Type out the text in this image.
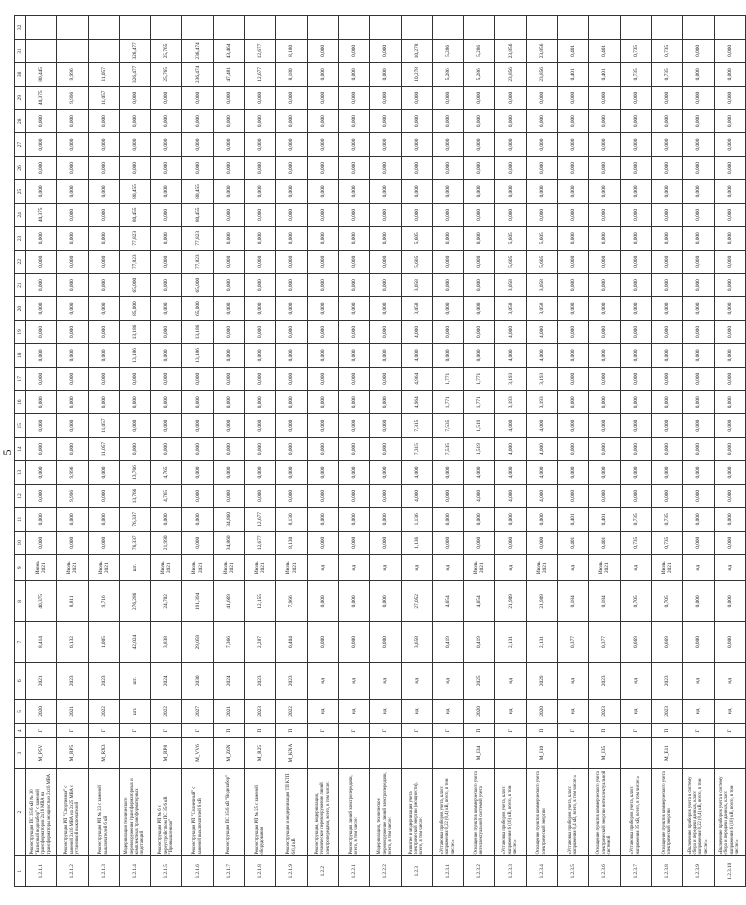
5
1	2	3	4	5	6	7	8	9	10	11	12	13	14	15	16	17	18	19	20	21	22	23	24	25	26	27	28	29	30	31	32
1.2.1.1	Реконструкция ПС 35/6 кВ № 30 "Базисный водозабор" с заменой трансформаторов 2х16 МВА на трансформаторы мощностью 2х16 МВА	M_P5V	Г	2020	2021	8,414	40,375	Июнь 2021	0,000	0,000	0,000	0,000	0,000	0,000	0,000	0,000	0,000	0,000	0,000	0,000	0,000	0,000	40,375	0,000	0,000	0,000	0,000	40,375	80,445		
1.2.1.2	Реконструкция РП "Спортивная" с заменой 2х16 МВА на 2х25 МВА с установкой выключателей	M_RP5	Г	2021	2023	0,132	8,811	Июль 2021	0,000	0,000	9,996	9,996	0,000	0,000	0,000	0,000	0,000	0,000	0,000	0,000	0,000	0,000	0,000	0,000	0,000	0,000	0,000	9,996	9,996		
1.2.1.3	Реконструкция РП № 23 с заменой выключателей 6 кВ	M_RX3	Г	2022	2023	1,005	9,716	Июль 2021	0,000	0,000	0,000	0,000	11,057	11,057	0,000	0,000	0,000	0,000	0,000	0,000	0,000	0,000	0,000	0,000	0,000	0,000	0,000	11,057	11,057		
1.2.1.4	Модернизация технического перевооружения трансформаторных и комплектных трансформаторных подстанций		Г	шт.	шт.	42,024	276,286	шт.	76,337	76,337	13,766	13,766	0,000	0,000	0,000	0,000	13,186	13,186	85,000	65,000	77,823	77,823	80,455	80,455	0,000	0,000	0,000	0,000	326,477	326,477	
1.2.1.5	Реконструкция РП № 6 с переустройством ПС 35/6 кВ "Промышленная"	M_RP8	Г	2022	2024	3,838	24,702	Июль 2021	21,990	0,000	4,765	4,765	0,000	0,000	0,000	0,000	0,000	0,000	0,000	0,000	0,000	0,000	0,000	0,000	0,000	0,000	0,000	0,000	25,765	25,765	
1.2.1.6	Реконструкция РП "Солнечный" с заменой выключателей 6 кВ	M_VV6	Г	2027	2030	29,059	191,394	Июль 2021	0,000	0,000	0,000	0,000	0,000	0,000	0,000	0,000	13,186	13,186	65,000	65,000	77,823	77,823	80,455	80,455	0,000	0,000	0,000	0,000	236,474	236,474	
1.2.1.7	Реконструкция ПС 35/6 кВ "Водозабор"	M_Z6N	П	2021	2024	7,366	41,669	Июль 2021	34,860	34,860	0,000	0,000	0,000	0,000	0,000	0,000	0,000	0,000	0,000	0,000	0,000	0,000	0,000	0,000	0,000	0,000	0,000	0,000	47,481	43,464	
1.2.1.8	Реконструкция РП № 25 с заменой оборудования	M_R25	П	2023	2023	2,287	12,155	Июль 2021	12,677	12,677	0,000	0,000	0,000	0,000	0,000	0,000	0,000	0,000	0,000	0,000	0,000	0,000	0,000	0,000	0,000	0,000	0,000	0,000	12,677	12,677	
1.2.1.9	Реконструкция и модернизация ТП КТП 6/0,4 кВ	M_KNA	П	2022	2023	0,404	7,966	Июль 2021	8,130	8,130	0,000	0,000	0,000	0,000	0,000	0,000	0,000	0,000	0,000	0,000	0,000	0,000	0,000	0,000	0,000	0,000	0,000	0,000	8,180	8,180	
1.2.2	Реконструкция, модернизация, техническое перевооружение линий электропередачи, всего, в том числе:		Г	нд	нд	0,000	0,000	нд	0,000	0,000	0,000	0,000	0,000	0,000	0,000	0,000	0,000	0,000	0,000	0,000	0,000	0,000	0,000	0,000	0,000	0,000	0,000	0,000	0,000	0,000	
1.2.2.1	Реконструкция линий электропередачи, всего, в том числе:		Г	нд	нд	0,000	0,000	нд	0,000	0,000	0,000	0,000	0,000	0,000	0,000	0,000	0,000	0,000	0,000	0,000	0,000	0,000	0,000	0,000	0,000	0,000	0,000	0,000	0,000	0,000	
1.2.2.2	Модернизация, техническое перевооружение линий электропередачи, всего, в том числе:		Г	нд	нд	0,000	0,000	нд	0,000	0,000	0,000	0,000	0,000	0,000	0,000	0,000	0,000	0,000	0,000	0,000	0,000	0,000	0,000	0,000	0,000	0,000	0,000	0,000	0,000	0,000	
1.2.3	Развитие и модернизация учета электрической энергии (мощности), всего, в том числе:		Г	нд	нд	3,658	27,052	нд	1,136	1,136	4,000	4,000	7,315	7,315	4,964	4,964	4,000	4,000	3,058	3,058	5,605	5,605	0,000	0,000	0,000	0,000	0,000	0,000	10,278	10,278	
1.2.3.1	«Установка приборов учета, класс напряжения 0,22 (0,4) кВ, всего, в том числе:»		Г	нд	нд	0,419	4,654	нд	0,000	0,000	0,000	0,000	7,535	7,535	1,771	1,771	0,000	0,000	0,000	0,000	0,000	0,000	0,000	0,000	0,000	0,000	0,000	0,000	5,286	5,286	
1.2.3.2	Оснащение пунктов коммерческого учета интеллектуальной системой учета	M_I34	П	2020	2025	0,419	4,654	Июль 2021	0,000	0,000	4,000	4,000	1,519	1,519	1,771	1,771	0,000	0,000	0,000	0,000	0,000	0,000	0,000	0,000	0,000	0,000	0,000	0,000	5,286	5,286	
1.2.3.3	«Установка приборов учета, класс напряжения 6 (10) кВ, всего, в том числе:»		Г	нд	нд	2,131	21,909	нд	0,000	0,000	4,000	4,000	4,000	4,000	3,193	3,193	4,000	4,000	3,058	3,058	5,605	5,605	0,000	0,000	0,000	0,000	0,000	0,000	23,856	23,856	
1.2.3.4	Оснащение пунктов коммерческого учета электрической энергии	M_I10	П	2020	2029	2,131	21,909	Июль 2021	0,000	0,000	4,000	4,000	4,000	4,000	3,193	3,193	4,000	4,000	3,058	3,058	5,605	5,605	0,000	0,000	0,000	0,000	0,000	0,000	23,856	23,856	
1.2.3.5	«Установка приборов учета, класс напряжения 0,4 кВ, всего, в том числе:»		Г	нд	нд	0,377	0,184	нд	0,401	0,401	0,000	0,000	0,000	0,000	0,000	0,000	0,000	0,000	0,000	0,000	0,000	0,000	0,000	0,000	0,000	0,000	0,000	0,000	0,401	0,401	
1.2.3.6	Оснащение пунктов коммерческого учета электрической энергии интеллектуальной системой	M_I35	П	2023	2023	0,377	0,184	Июль 2021	0,401	0,401	0,000	0,000	0,000	0,000	0,000	0,000	0,000	0,000	0,000	0,000	0,000	0,000	0,000	0,000	0,000	0,000	0,000	0,000	0,401	0,401	
1.2.3.7	«Установка приборов учета, класс напряжения 35 кВ, всего, в том числе:»		Г	нд	нд	0,669	0,705	нд	0,735	0,735	0,000	0,000	0,000	0,000	0,000	0,000	0,000	0,000	0,000	0,000	0,000	0,000	0,000	0,000	0,000	0,000	0,000	0,000	0,735	0,735	
1.2.3.8	Оснащение пунктов коммерческого учета электрической энергии	M_E11	П	2023	2023	0,669	0,705	Июль 2021	0,735	0,735	0,000	0,000	0,000	0,000	0,000	0,000	0,000	0,000	0,000	0,000	0,000	0,000	0,000	0,000	0,000	0,000	0,000	0,000	0,735	0,735	
1.2.3.9	«Включение приборов учета в систему сбора и передачи данных, класс напряжения 0,22 (0,4) кВ, всего, в том числе:»		Г	нд	нд	0,000	0,000	нд	0,000	0,000	0,000	0,000	0,000	0,000	0,000	0,000	0,000	0,000	0,000	0,000	0,000	0,000	0,000	0,000	0,000	0,000	0,000	0,000	0,000	0,000	
1.2.3.10	«Включение приборов учета в систему сбора и передачи данных, класс напряжения 6 (10) кВ, всего, в том числе:»		Г	нд	нд	0,000	0,000	нд	0,000	0,000	0,000	0,000	0,000	0,000	0,000	0,000	0,000	0,000	0,000	0,000	0,000	0,000	0,000	0,000	0,000	0,000	0,000	0,000	0,000	0,000	
